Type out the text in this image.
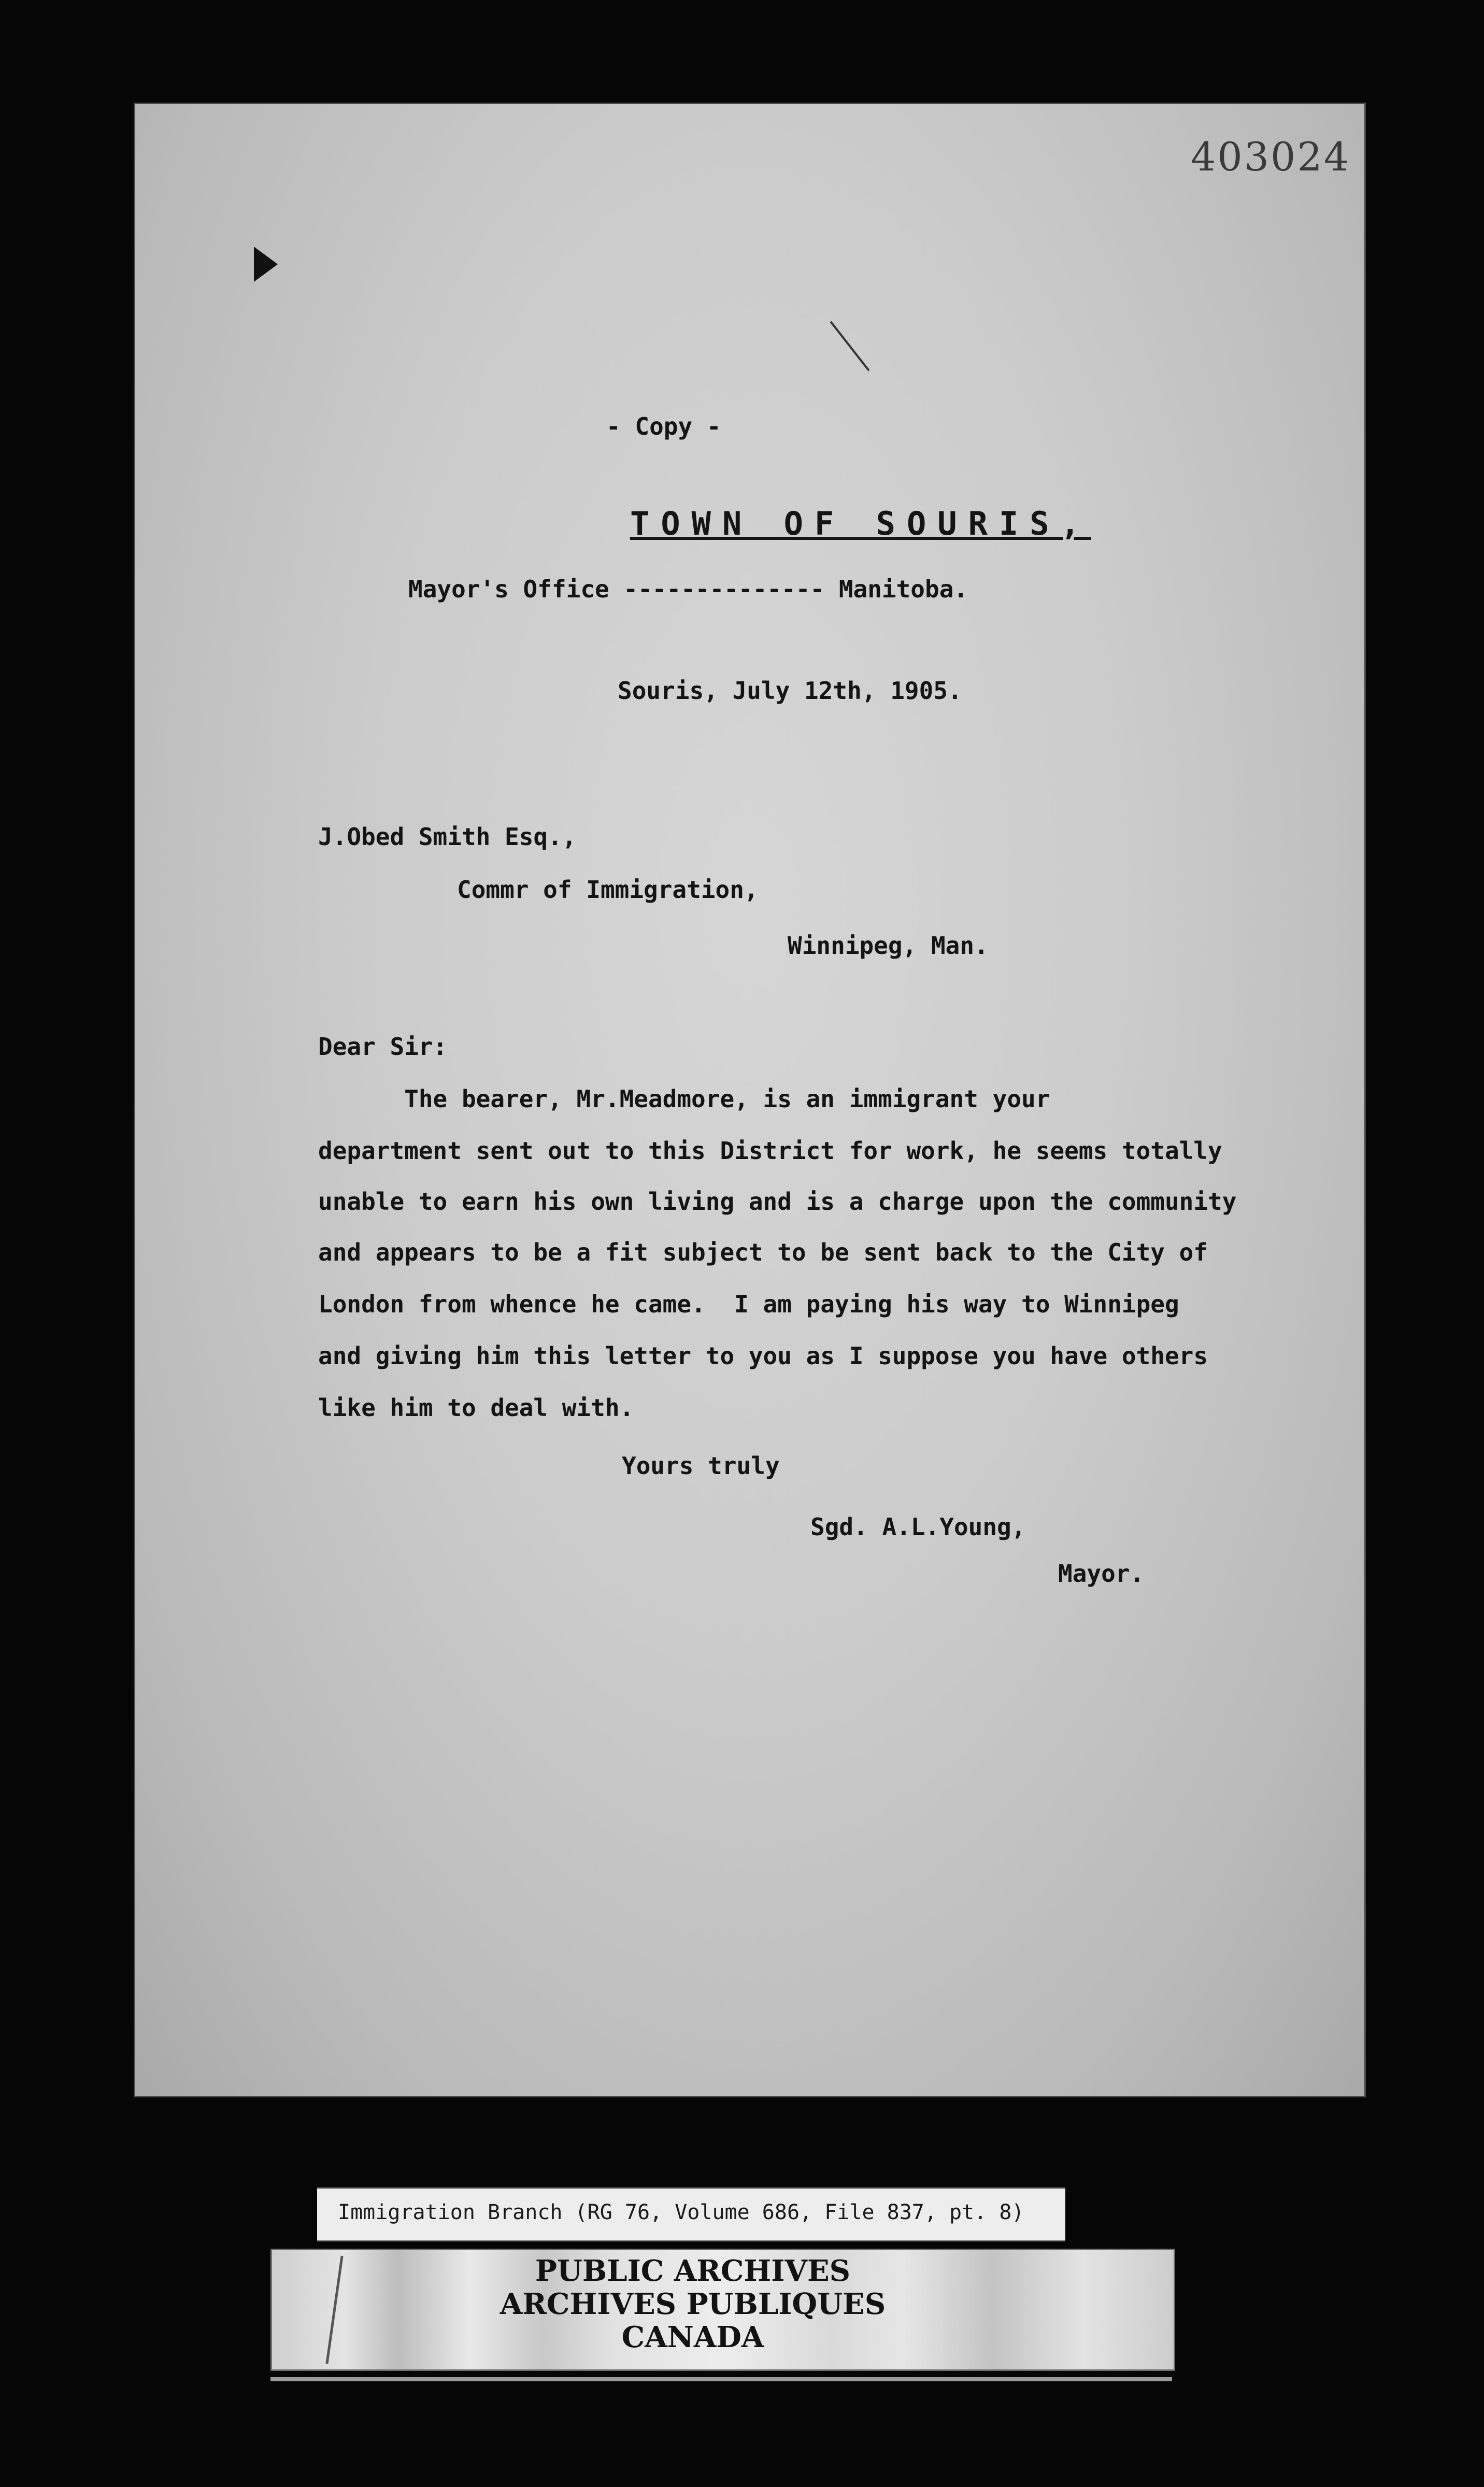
403024

- Copy -

TOWN OF SOURIS,

Mayor's Office -------------- Manitoba.

Souris, July 12th, 1905.

J.Obed Smith Esq.,

Commr of Immigration,

Winnipeg, Man.

Dear Sir:

The bearer, Mr.Meadmore, is an immigrant your

department sent out to this District for work, he seems totally

unable to earn his own living and is a charge upon the community

and appears to be a fit subject to be sent back to the City of

London from whence he came.  I am paying his way to Winnipeg

and giving him this letter to you as I suppose you have others

like him to deal with.

Yours truly

Sgd. A.L.Young,

Mayor.

Immigration Branch (RG 76, Volume 686, File 837, pt. 8)
PUBLIC ARCHIVES
ARCHIVES PUBLIQUES
CANADA
